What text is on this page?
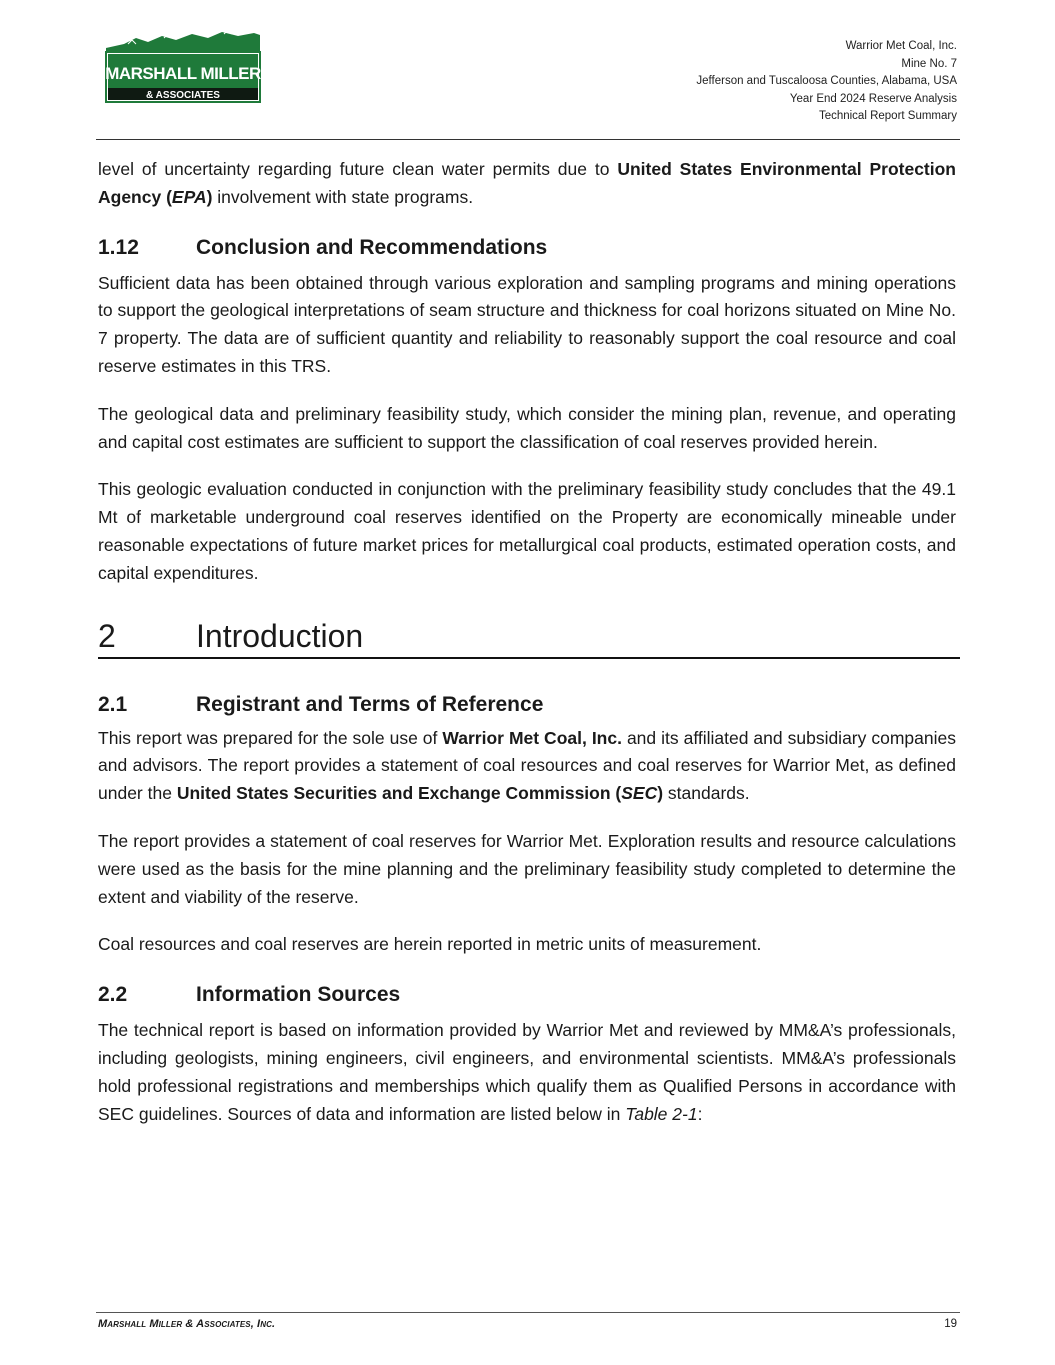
MARSHALL MILLER
& ASSOCIATES
Warrior Met Coal, Inc.
Mine No. 7
Jefferson and Tuscaloosa Counties, Alabama, USA
Year End 2024 Reserve Analysis
Technical Report Summary

level of uncertainty regarding future clean water permits due to United States Environmental Protection Agency (EPA) involvement with state programs.

1.12	Conclusion and Recommendations

Sufficient data has been obtained through various exploration and sampling programs and mining operations to support the geological interpretations of seam structure and thickness for coal horizons situated on Mine No. 7 property. The data are of sufficient quantity and reliability to reasonably support the coal resource and coal reserve estimates in this TRS.

The geological data and preliminary feasibility study, which consider the mining plan, revenue, and operating and capital cost estimates are sufficient to support the classification of coal reserves provided herein.

This geologic evaluation conducted in conjunction with the preliminary feasibility study concludes that the 49.1 Mt of marketable underground coal reserves identified on the Property are economically mineable under reasonable expectations of future market prices for metallurgical coal products, estimated operation costs, and capital expenditures.

2	Introduction
2.1	Registrant and Terms of Reference

This report was prepared for the sole use of Warrior Met Coal, Inc. and its affiliated and subsidiary companies and advisors. The report provides a statement of coal resources and coal reserves for Warrior Met, as defined under the United States Securities and Exchange Commission (SEC) standards.

The report provides a statement of coal reserves for Warrior Met. Exploration results and resource calculations were used as the basis for the mine planning and the preliminary feasibility study completed to determine the extent and viability of the reserve.

Coal resources and coal reserves are herein reported in metric units of measurement.

2.2	Information Sources

The technical report is based on information provided by Warrior Met and reviewed by MM&A’s professionals, including geologists, mining engineers, civil engineers, and environmental scientists. MM&A’s professionals hold professional registrations and memberships which qualify them as Qualified Persons in accordance with SEC guidelines. Sources of data and information are listed below in Table 2-1:

Marshall Miller & Associates, Inc.	19
